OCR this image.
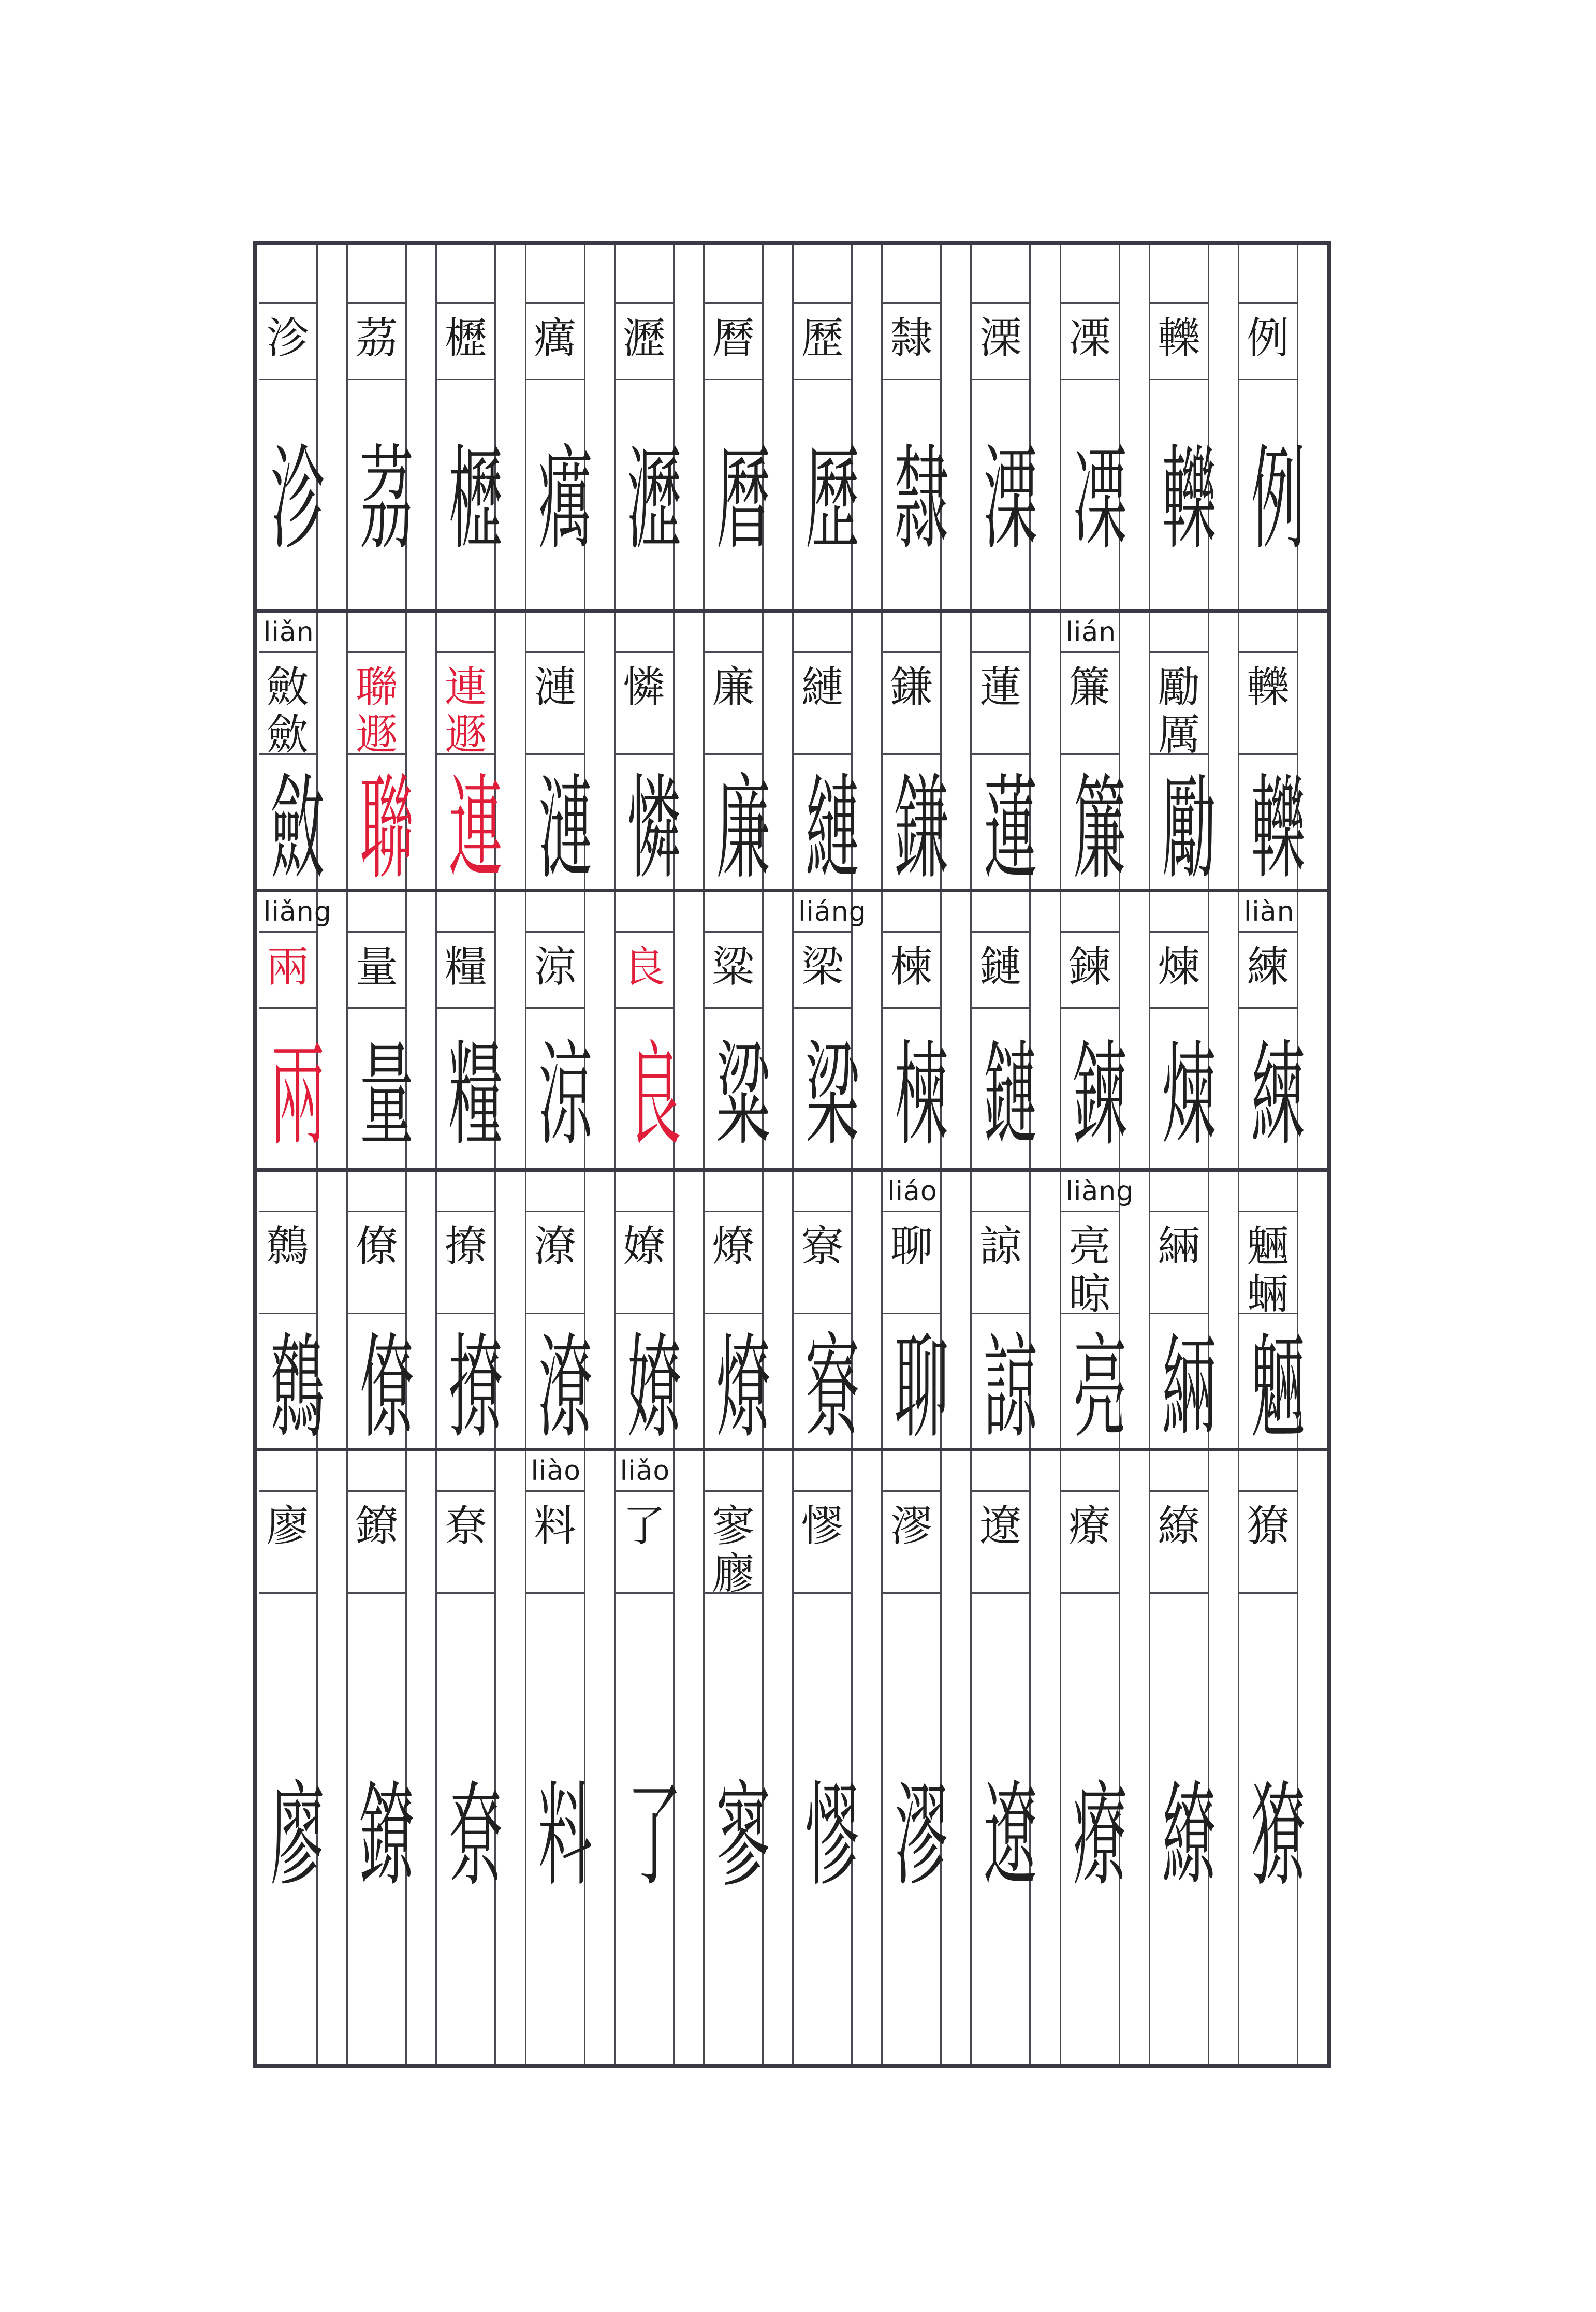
沴
沴
茘
茘
櫪
櫪
癘
癘
瀝
瀝
曆
曆
歷
歷
隸
隸
溧
溧
凓
凓
轢
轢
例
例
liǎn
斂
歛
斂
聯
遯
聯
連
遯
連
漣
漣
憐
憐
廉
廉
縺
縺
鎌
鎌
蓮
蓮
lián
簾
簾
勵
厲
勵
轢
轢
liǎng
兩
兩
量
量
糧
糧
涼
涼
良
良
粱
粱
liáng
梁
梁
楝
楝
鏈
鏈
鍊
鍊
煉
煉
liàn
練
練
鷯
鷯
僚
僚
撩
撩
潦
潦
嫽
嫽
燎
燎
寮
寮
liáo
聊
聊
諒
諒
liàng
亮
晾
亮
緉
緉
魎
蜽
魎
廖
廖
鐐
鐐
尞
尞
liào
料
料
liǎo
了
了
寥
廫
寥
憀
憀
漻
漻
遼
遼
療
療
繚
繚
獠
獠
